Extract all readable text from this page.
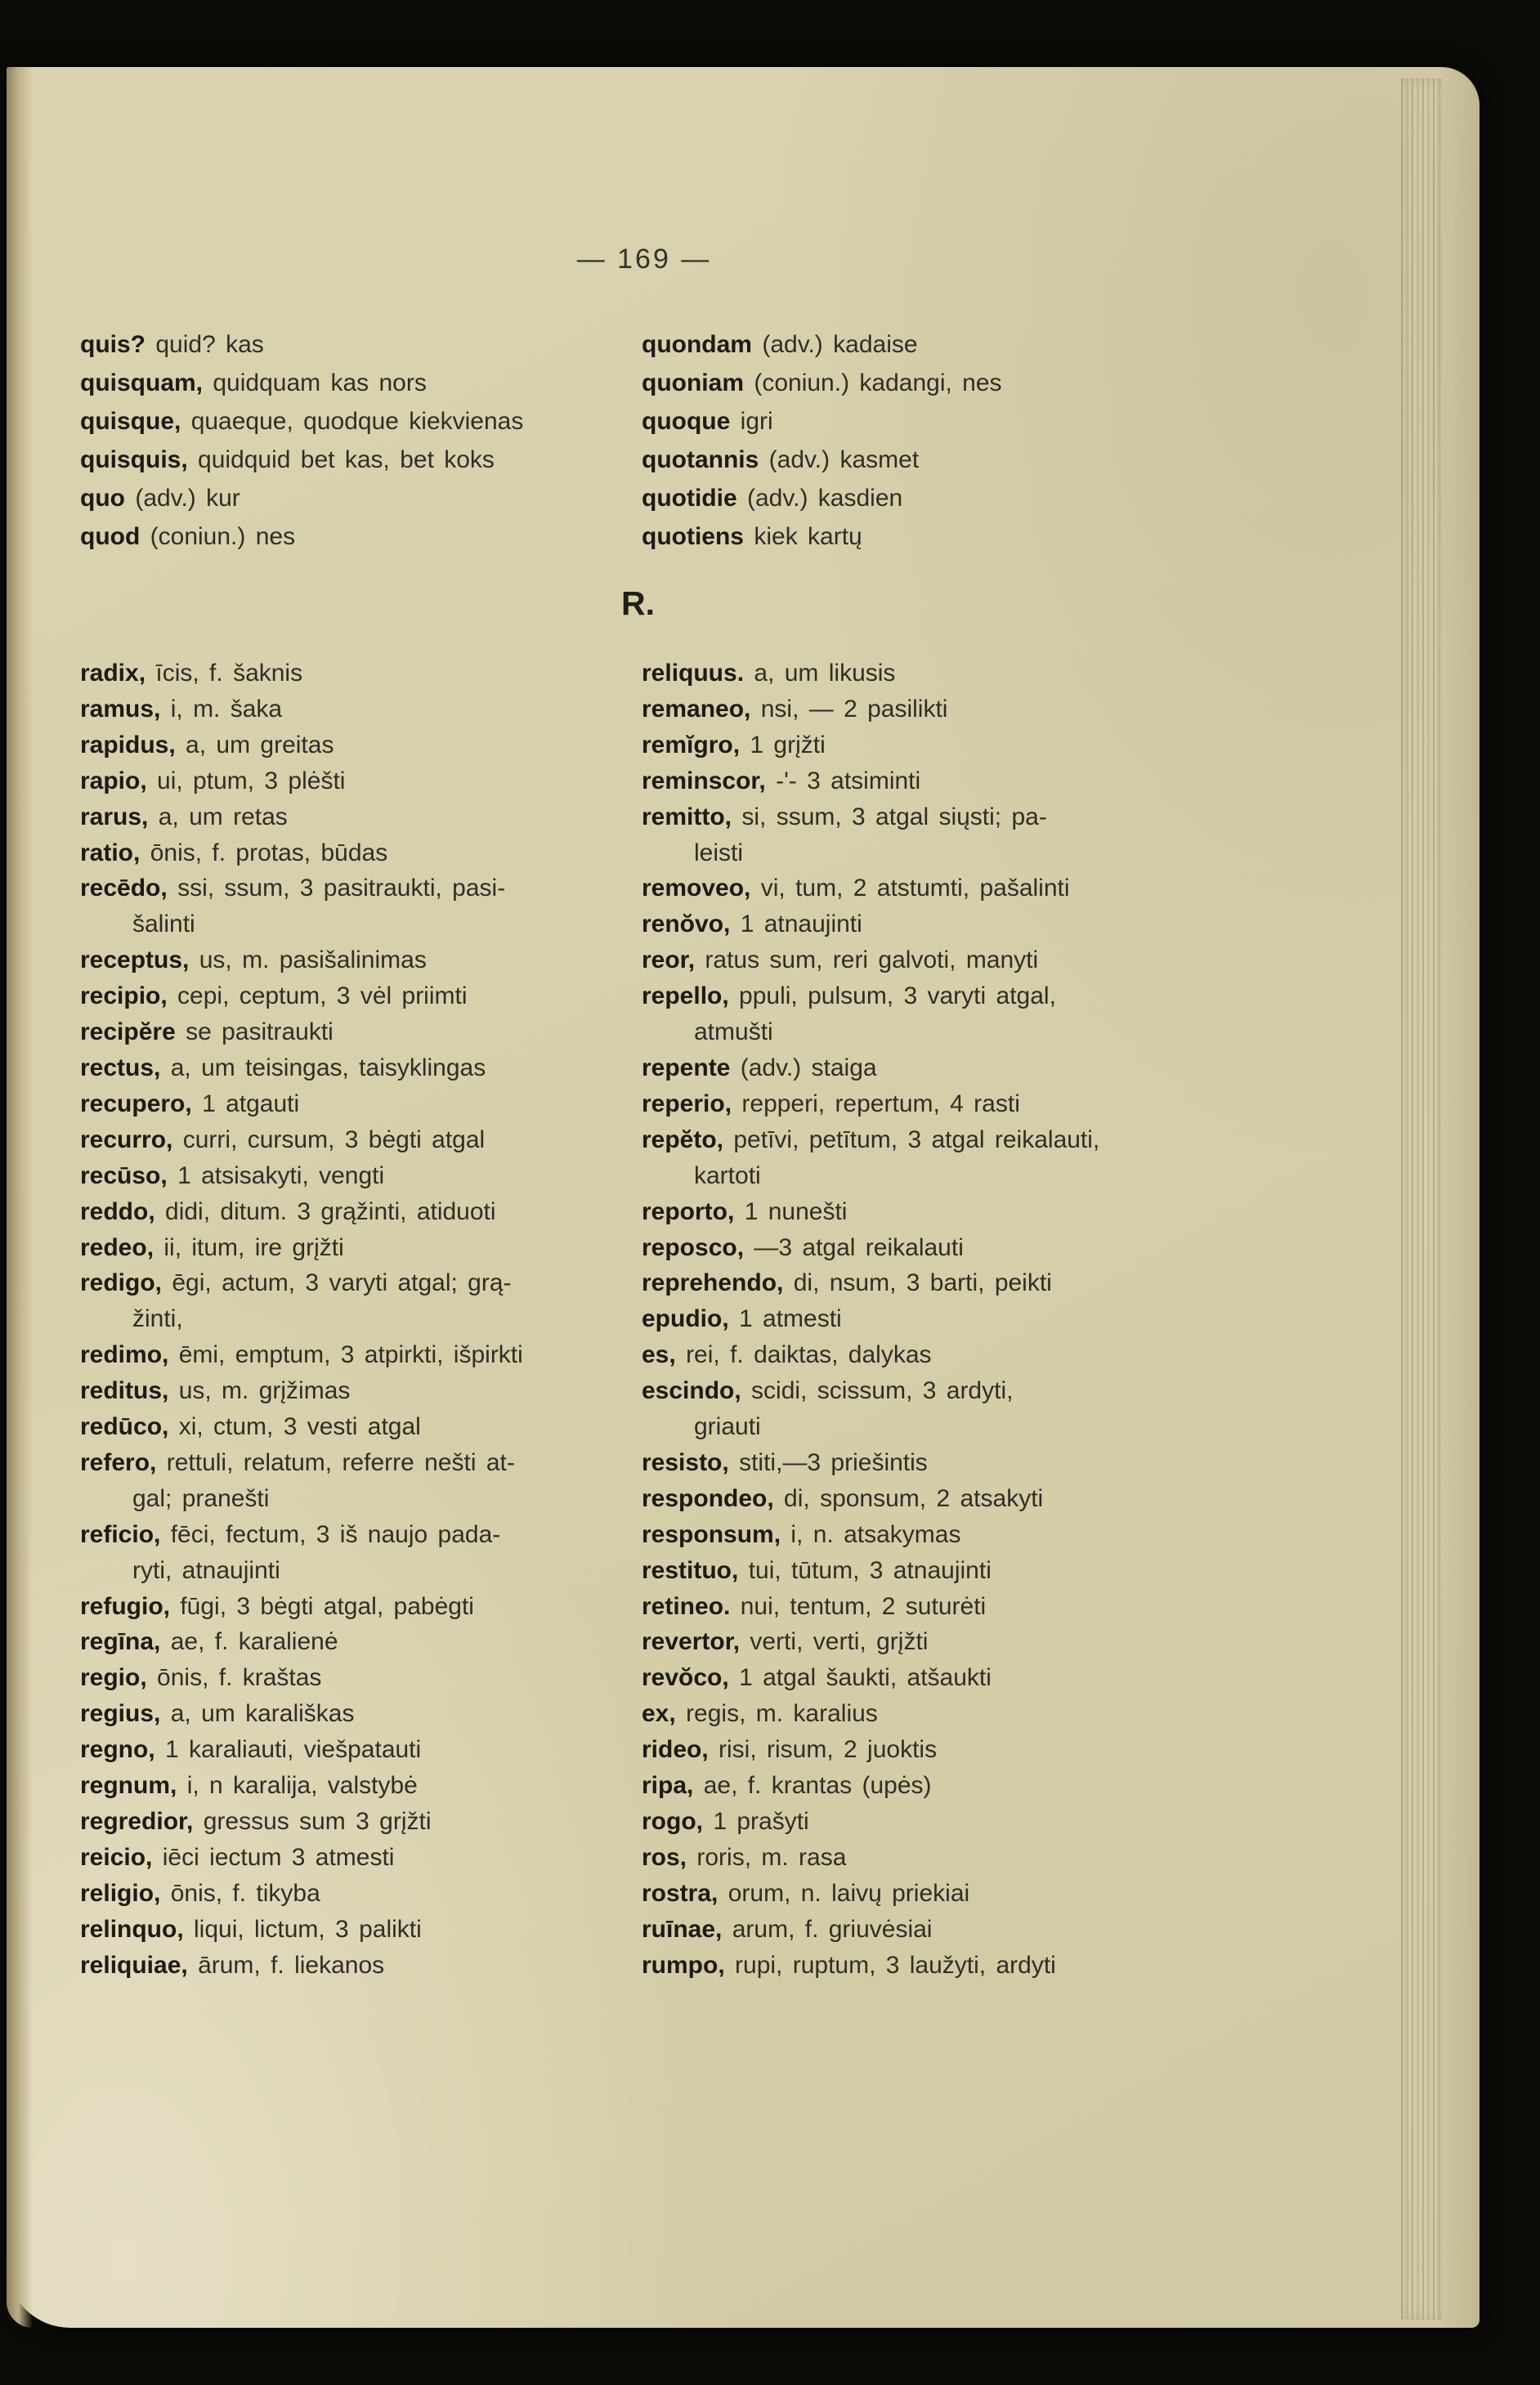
— 169 —
quis? quid? kas
quisquam, quidquam kas nors
quisque, quaeque, quodque kiekvienas
quisquis, quidquid bet kas, bet koks
quo (adv.) kur
quod (coniun.) nes
quondam (adv.) kadaise
quoniam (coniun.) kadangi, nes
quoque igri
quotannis (adv.) kasmet
quotidie (adv.) kasdien
quotiens kiek kartų
R.
radix, īcis, f. šaknis
ramus, i, m. šaka
rapidus, a, um greitas
rapio, ui, ptum, 3 plėšti
rarus, a, um retas
ratio, ōnis, f. protas, būdas
recēdo, ssi, ssum, 3 pasitraukti, pasi-
šalinti
receptus, us, m. pasišalinimas
recipio, cepi, ceptum, 3 vėl priimti
recipĕre se pasitraukti
rectus, a, um teisingas, taisyklingas
recupero, 1 atgauti
recurro, curri, cursum, 3 bėgti atgal
recūso, 1 atsisakyti, vengti
reddo, didi, ditum. 3 grąžinti, atiduoti
redeo, ii, itum, ire grįžti
redigo, ēgi, actum, 3 varyti atgal; grą-
žinti,
redimo, ēmi, emptum, 3 atpirkti, išpirkti
reditus, us, m. grįžimas
redūco, xi, ctum, 3 vesti atgal
refero, rettuli, relatum, referre nešti at-
gal; pranešti
reficio, fēci, fectum, 3 iš naujo pada-
ryti, atnaujinti
refugio, fūgi, 3 bėgti atgal, pabėgti
regīna, ae, f. karalienė
regio, ōnis, f. kraštas
regius, a, um karališkas
regno, 1 karaliauti, viešpatauti
regnum, i, n karalija, valstybė
regredior, gressus sum 3 grįžti
reicio, iēci iectum 3 atmesti
religio, ōnis, f. tikyba
relinquo, liqui, lictum, 3 palikti
reliquiae, ārum, f. liekanos
reliquus. a, um likusis
remaneo, nsi, — 2 pasilikti
remĭgro, 1 grįžti
reminscor, -'- 3 atsiminti
remitto, si, ssum, 3 atgal siųsti; pa-
leisti
removeo, vi, tum, 2 atstumti, pašalinti
renŏvo, 1 atnaujinti
reor, ratus sum, reri galvoti, manyti
repello, ppuli, pulsum, 3 varyti atgal,
atmušti
repente (adv.) staiga
reperio, repperi, repertum, 4 rasti
repĕto, petīvi, petītum, 3 atgal reikalauti,
kartoti
reporto, 1 nunešti
reposco, —3 atgal reikalauti
reprehendo, di, nsum, 3 barti, peikti
epudio, 1 atmesti
es, rei, f. daiktas, dalykas
escindo, scidi, scissum, 3 ardyti,
griauti
resisto, stiti,—3 priešintis
respondeo, di, sponsum, 2 atsakyti
responsum, i, n. atsakymas
restituo, tui, tūtum, 3 atnaujinti
retineo. nui, tentum, 2 suturėti
revertor, verti, verti, grįžti
revŏco, 1 atgal šaukti, atšaukti
ex, regis, m. karalius
rideo, risi, risum, 2 juoktis
ripa, ae, f. krantas (upės)
rogo, 1 prašyti
ros, roris, m. rasa
rostra, orum, n. laivų priekiai
ruīnae, arum, f. griuvėsiai
rumpo, rupi, ruptum, 3 laužyti, ardyti
